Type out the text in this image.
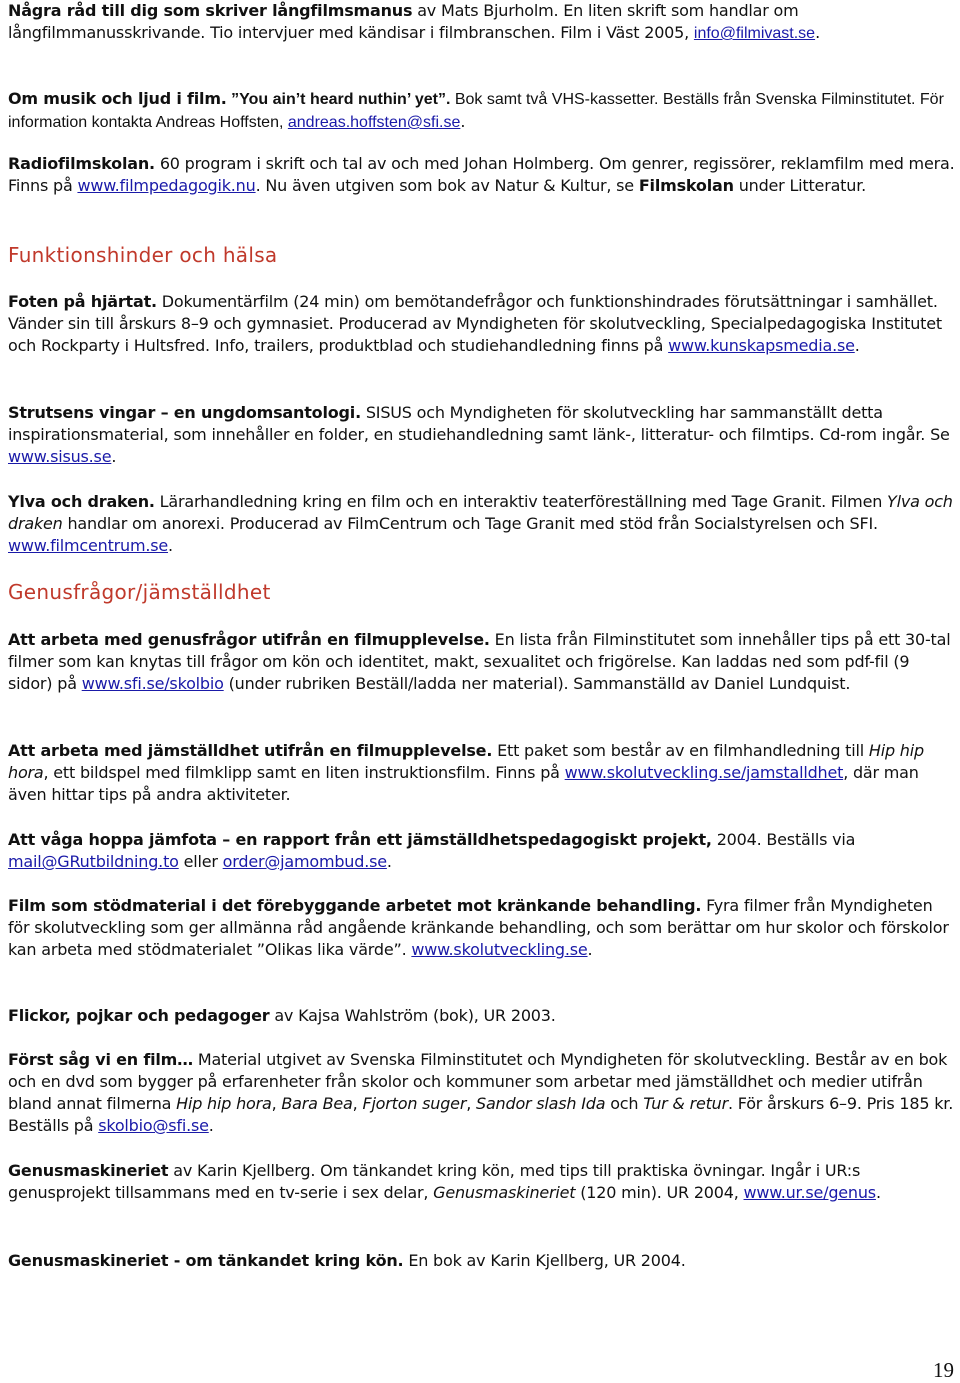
Några råd till dig som skriver långfilmsmanus av Mats Bjurholm. En liten skrift som handlar om långfilmmanusskrivande. Tio intervjuer med kändisar i filmbranschen. Film i Väst 2005, info@filmivast.se.

Om musik och ljud i film. ”You ain’t heard nuthin’ yet”. Bok samt två VHS-kassetter. Beställs från Svenska Filminstitutet. För information kontakta Andreas Hoffsten, andreas.hoffsten@sfi.se.

Radiofilmskolan. 60 program i skrift och tal av och med Johan Holmberg. Om genrer, regissörer, reklamfilm med mera. Finns på www.filmpedagogik.nu. Nu även utgiven som bok av Natur & Kultur, se Filmskolan under Litteratur.

Funktionshinder och hälsa

Foten på hjärtat. Dokumentärfilm (24 min) om bemötandefrågor och funktionshindrades förutsättningar i samhället. Vänder sin till årskurs 8–9 och gymnasiet. Producerad av Myndigheten för skolutveckling, Specialpedagogiska Institutet och Rockparty i Hultsfred. Info, trailers, produktblad och studiehandledning finns på www.kunskapsmedia.se.

Strutsens vingar – en ungdomsantologi. SISUS och Myndigheten för skolutveckling har sammanställt detta inspirationsmaterial, som innehåller en folder, en studiehandledning samt länk-, litteratur- och filmtips. Cd-rom ingår. Se www.sisus.se.

Ylva och draken. Lärarhandledning kring en film och en interaktiv teaterföreställning med Tage Granit. Filmen Ylva och draken handlar om anorexi. Producerad av FilmCentrum och Tage Granit med stöd från Socialstyrelsen och SFI. www.filmcentrum.se.

Genusfrågor/jämställdhet

Att arbeta med genusfrågor utifrån en filmupplevelse. En lista från Filminstitutet som innehåller tips på ett 30-tal filmer som kan knytas till frågor om kön och identitet, makt, sexualitet och frigörelse. Kan laddas ned som pdf-fil (9 sidor) på www.sfi.se/skolbio (under rubriken Beställ/ladda ner material). Sammanställd av Daniel Lundquist.

Att arbeta med jämställdhet utifrån en filmupplevelse. Ett paket som består av en filmhandledning till Hip hip hora, ett bildspel med filmklipp samt en liten instruktionsfilm. Finns på www.skolutveckling.se/jamstalldhet, där man även hittar tips på andra aktiviteter.

Att våga hoppa jämfota – en rapport från ett jämställdhetspedagogiskt projekt, 2004. Beställs via mail@GRutbildning.to eller order@jamombud.se.

Film som stödmaterial i det förebyggande arbetet mot kränkande behandling. Fyra filmer från Myndigheten för skolutveckling som ger allmänna råd angående kränkande behandling, och som berättar om hur skolor och förskolor kan arbeta med stödmaterialet ”Olikas lika värde”. www.skolutveckling.se.

Flickor, pojkar och pedagoger av Kajsa Wahlström (bok), UR 2003.

Först såg vi en film… Material utgivet av Svenska Filminstitutet och Myndigheten för skolutveckling. Består av en bok och en dvd som bygger på erfarenheter från skolor och kommuner som arbetar med jämställdhet och medier utifrån bland annat filmerna Hip hip hora, Bara Bea, Fjorton suger, Sandor slash Ida och Tur & retur. För årskurs 6–9. Pris 185 kr. Beställs på skolbio@sfi.se.

Genusmaskineriet av Karin Kjellberg. Om tänkandet kring kön, med tips till praktiska övningar. Ingår i UR:s genusprojekt tillsammans med en tv-serie i sex delar, Genusmaskineriet (120 min). UR 2004, www.ur.se/genus.

Genusmaskineriet - om tänkandet kring kön. En bok av Karin Kjellberg, UR 2004.

19
